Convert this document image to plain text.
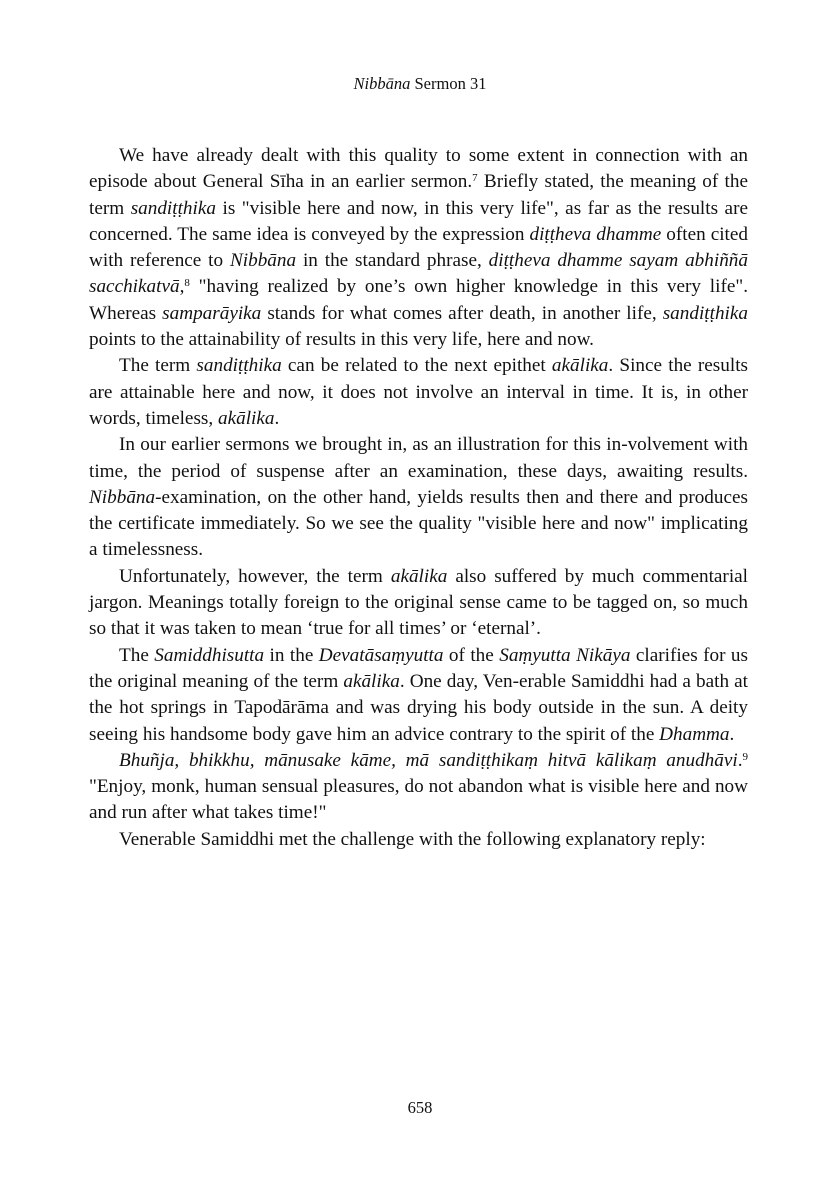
Nibbāna Sermon 31

We have already dealt with this quality to some extent in connection with an episode about General Sīha in an earlier sermon.$^7$ Briefly stated, the meaning of the term sandiṭṭhika is "visible here and now, in this very life", as far as the results are concerned. The same idea is conveyed by the expression diṭṭheva dhamme often cited with reference to Nibbāna in the standard phrase, diṭṭheva dhamme sayam abhiññā sacchikatvā,$^8$ "having realized by one’s own higher knowledge in this very life". Whereas samparāyika stands for what comes after death, in another life, sandiṭṭhika points to the attainability of results in this very life, here and now.

The term sandiṭṭhika can be related to the next epithet akālika. Since the results are attainable here and now, it does not involve an interval in time. It is, in other words, timeless, akālika.

In our earlier sermons we brought in, as an illustration for this in-volvement with time, the period of suspense after an examination, these days, awaiting results. Nibbāna-examination, on the other hand, yields results then and there and produces the certificate immediately. So we see the quality "visible here and now" implicating a timelessness.

Unfortunately, however, the term akālika also suffered by much commentarial jargon. Meanings totally foreign to the original sense came to be tagged on, so much so that it was taken to mean ‘true for all times’ or ‘eternal’.

The Samiddhisutta in the Devatāsaṃyutta of the Saṃyutta Nikāya clarifies for us the original meaning of the term akālika. One day, Ven-erable Samiddhi had a bath at the hot springs in Tapodārāma and was drying his body outside in the sun. A deity seeing his handsome body gave him an advice contrary to the spirit of the Dhamma.

Bhuñja, bhikkhu, mānusake kāme, mā sandiṭṭhikaṃ hitvā kālikaṃ anudhāvi.$^9$ "Enjoy, monk, human sensual pleasures, do not abandon what is visible here and now and run after what takes time!"

Venerable Samiddhi met the challenge with the following explanatory reply:

658
